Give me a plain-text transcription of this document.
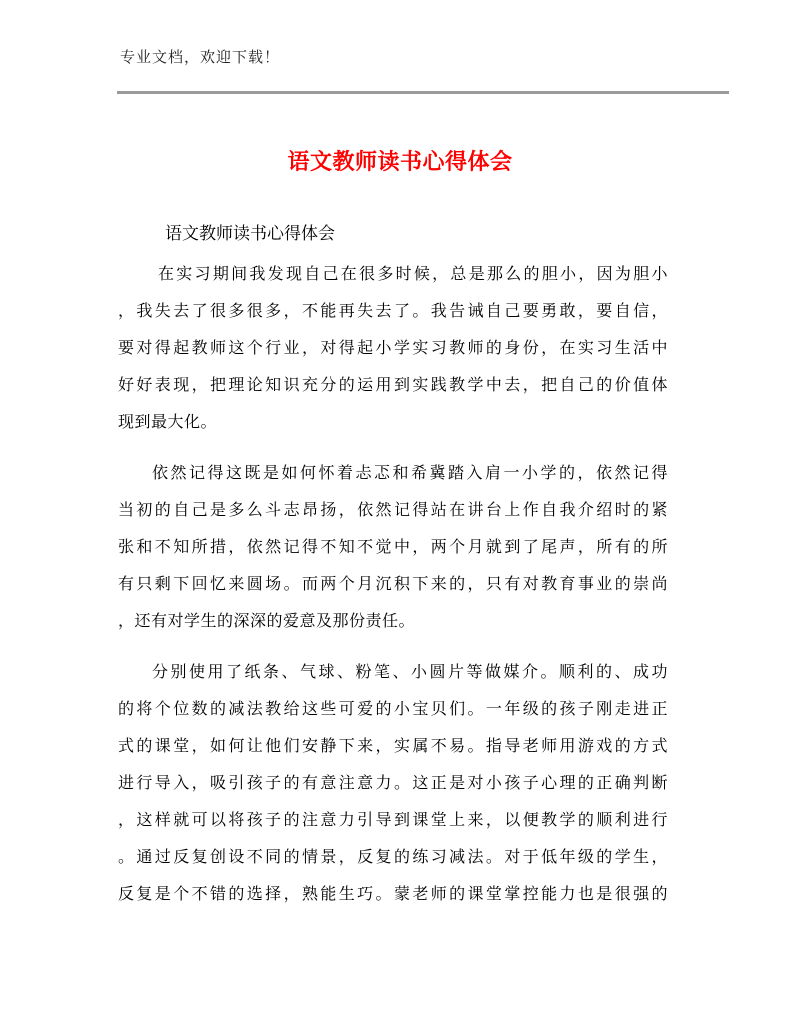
专业文档，欢迎下载！
语文教师读书心得体会
语文教师读书心得体会
在实习期间我发现自己在很多时候，总是那么的胆小，因为胆小
，我失去了很多很多，不能再失去了。我告诫自己要勇敢，要自信，
要对得起教师这个行业，对得起小学实习教师的身份，在实习生活中
好好表现，把理论知识充分的运用到实践教学中去，把自己的价值体
现到最大化。
依然记得这既是如何怀着忐忑和希冀踏入肩一小学的，依然记得
当初的自己是多么斗志昂扬，依然记得站在讲台上作自我介绍时的紧
张和不知所措，依然记得不知不觉中，两个月就到了尾声，所有的所
有只剩下回忆来圆场。而两个月沉积下来的，只有对教育事业的崇尚
，还有对学生的深深的爱意及那份责任。
分别使用了纸条、气球、粉笔、小圆片等做媒介。顺利的、成功
的将个位数的减法教给这些可爱的小宝贝们。一年级的孩子刚走进正
式的课堂，如何让他们安静下来，实属不易。指导老师用游戏的方式
进行导入，吸引孩子的有意注意力。这正是对小孩子心理的正确判断
，这样就可以将孩子的注意力引导到课堂上来，以便教学的顺利进行
。通过反复创设不同的情景，反复的练习减法。对于低年级的学生，
反复是个不错的选择，熟能生巧。蒙老师的课堂掌控能力也是很强的
